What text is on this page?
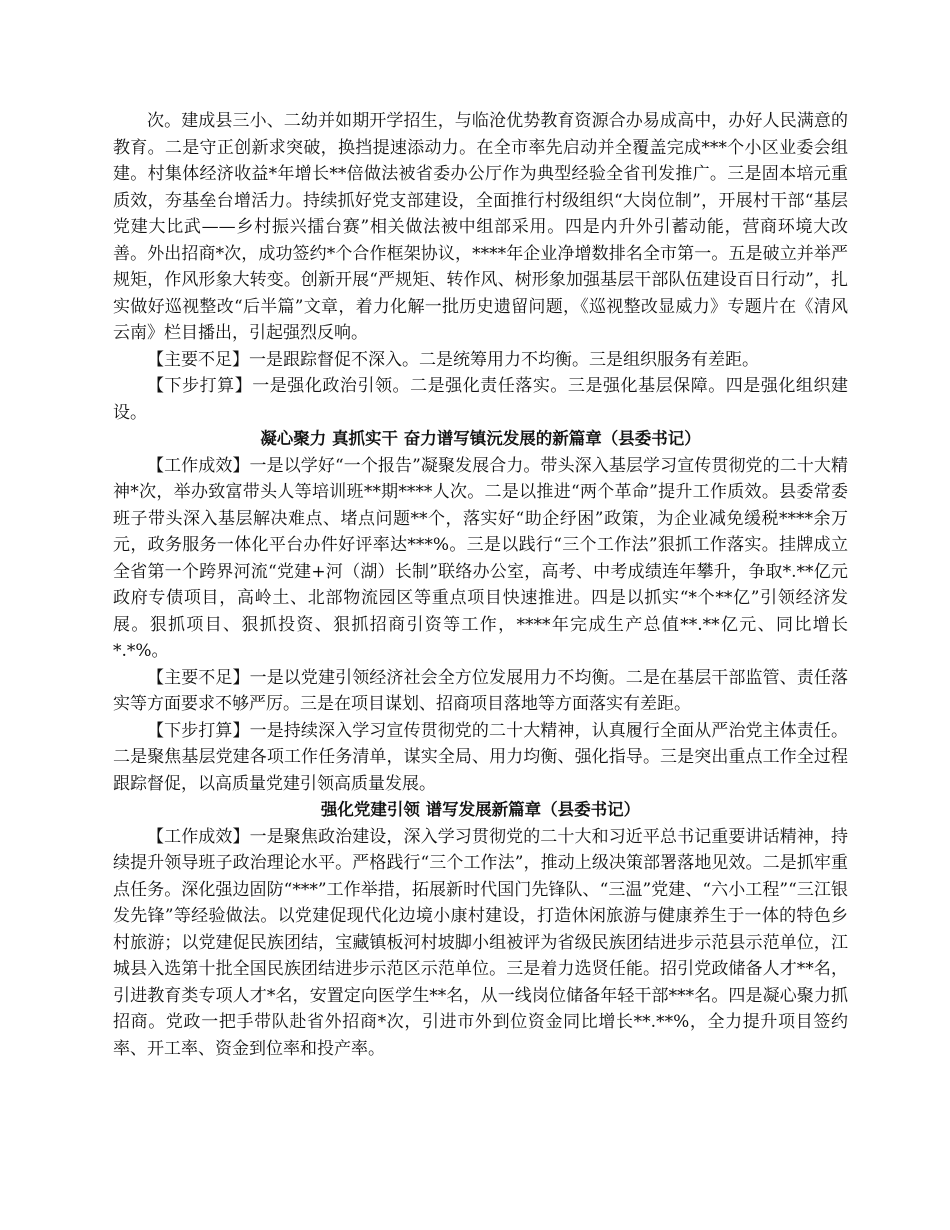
次。建成县三小、二幼并如期开学招生，与临沧优势教育资源合办易成高中，办好人民满意的教育。二是守正创新求突破，换挡提速添动力。在全市率先启动并全覆盖完成***个小区业委会组建。村集体经济收益*年增长**倍做法被省委办公厅作为典型经验全省刊发推广。三是固本培元重质效，夯基垒台增活力。持续抓好党支部建设，全面推行村级组织“大岗位制”，开展村干部“基层党建大比武——乡村振兴擂台赛”相关做法被中组部采用。四是内升外引蓄动能，营商环境大改善。外出招商*次，成功签约*个合作框架协议，****年企业净增数排名全市第一。五是破立并举严规矩，作风形象大转变。创新开展“严规矩、转作风、树形象加强基层干部队伍建设百日行动”，扎实做好巡视整改“后半篇”文章，着力化解一批历史遗留问题，《巡视整改显威力》专题片在《清风云南》栏目播出，引起强烈反响。

【主要不足】一是跟踪督促不深入。二是统筹用力不均衡。三是组织服务有差距。

【下步打算】一是强化政治引领。二是强化责任落实。三是强化基层保障。四是强化组织建设。

凝心聚力 真抓实干 奋力谱写镇沅发展的新篇章（县委书记）

【工作成效】一是以学好“一个报告”凝聚发展合力。带头深入基层学习宣传贯彻党的二十大精神*次，举办致富带头人等培训班**期****人次。二是以推进“两个革命”提升工作质效。县委常委班子带头深入基层解决难点、堵点问题**个，落实好“助企纾困”政策，为企业减免缓税****余万元，政务服务一体化平台办件好评率达***%。三是以践行“三个工作法”狠抓工作落实。挂牌成立全省第一个跨界河流“党建+河（湖）长制”联络办公室，高考、中考成绩连年攀升，争取*.**亿元政府专债项目，高岭土、北部物流园区等重点项目快速推进。四是以抓实“*个**亿”引领经济发展。狠抓项目、狠抓投资、狠抓招商引资等工作，****年完成生产总值**.**亿元、同比增长*.*%。

【主要不足】一是以党建引领经济社会全方位发展用力不均衡。二是在基层干部监管、责任落实等方面要求不够严厉。三是在项目谋划、招商项目落地等方面落实有差距。

【下步打算】一是持续深入学习宣传贯彻党的二十大精神，认真履行全面从严治党主体责任。二是聚焦基层党建各项工作任务清单，谋实全局、用力均衡、强化指导。三是突出重点工作全过程跟踪督促，以高质量党建引领高质量发展。

强化党建引领 谱写发展新篇章（县委书记）

【工作成效】一是聚焦政治建设，深入学习贯彻党的二十大和习近平总书记重要讲话精神，持续提升领导班子政治理论水平。严格践行“三个工作法”，推动上级决策部署落地见效。二是抓牢重点任务。深化强边固防“***”工作举措，拓展新时代国门先锋队、“三温”党建、“六小工程”“三江银发先锋”等经验做法。以党建促现代化边境小康村建设，打造休闲旅游与健康养生于一体的特色乡村旅游；以党建促民族团结，宝藏镇板河村坡脚小组被评为省级民族团结进步示范县示范单位，江城县入选第十批全国民族团结进步示范区示范单位。三是着力选贤任能。招引党政储备人才**名，引进教育类专项人才*名，安置定向医学生**名，从一线岗位储备年轻干部***名。四是凝心聚力抓招商。党政一把手带队赴省外招商*次，引进市外到位资金同比增长**.**%，全力提升项目签约率、开工率、资金到位率和投产率。
